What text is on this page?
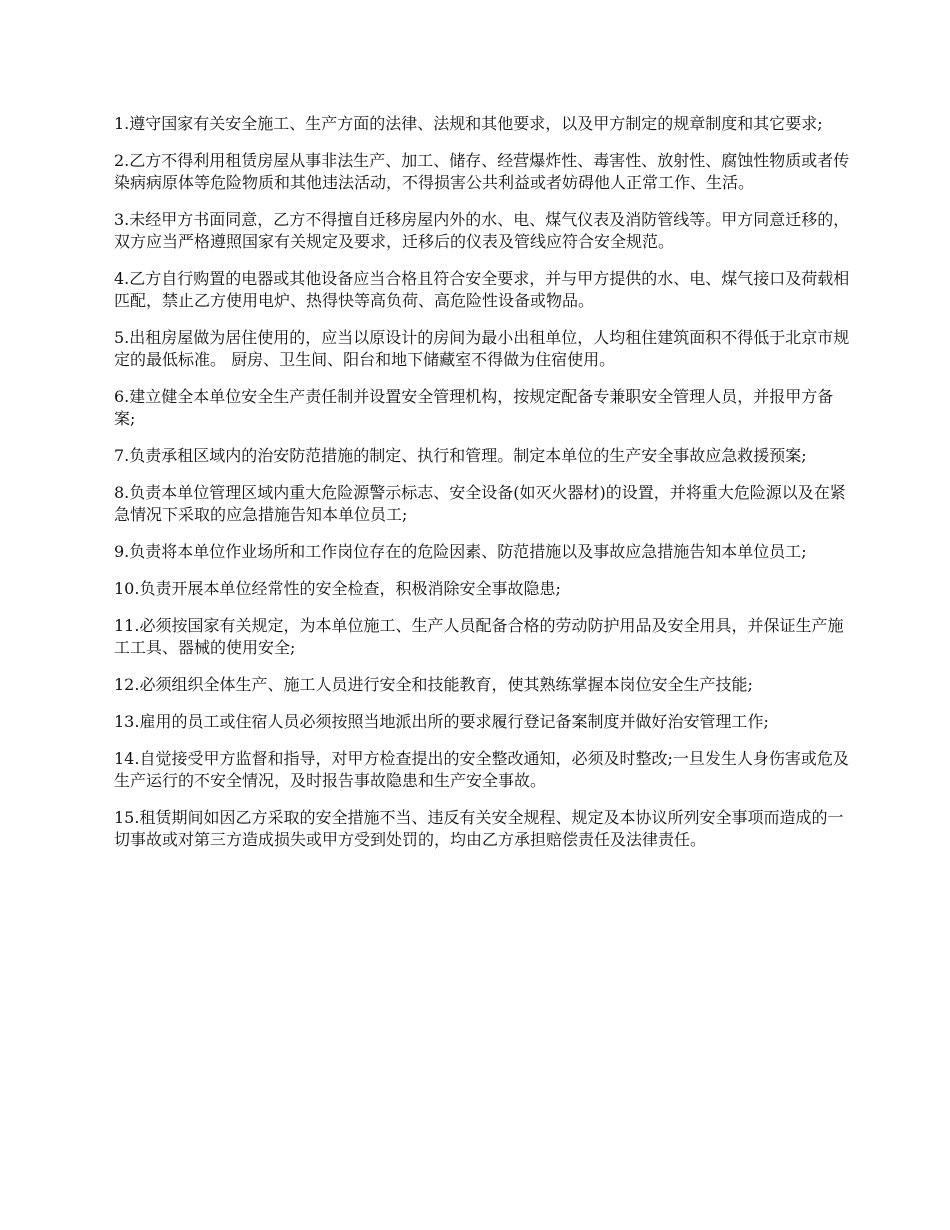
1.遵守国家有关安全施工、生产方面的法律、法规和其他要求，以及甲方制定的规章制度和其它要求;

2.乙方不得利用租赁房屋从事非法生产、加工、储存、经营爆炸性、毒害性、放射性、腐蚀性物质或者传染病病原体等危险物质和其他违法活动，不得损害公共利益或者妨碍他人正常工作、生活。

3.未经甲方书面同意，乙方不得擅自迁移房屋内外的水、电、煤气仪表及消防管线等。甲方同意迁移的，双方应当严格遵照国家有关规定及要求，迁移后的仪表及管线应符合安全规范。

4.乙方自行购置的电器或其他设备应当合格且符合安全要求，并与甲方提供的水、电、煤气接口及荷载相匹配，禁止乙方使用电炉、热得快等高负荷、高危险性设备或物品。

5.出租房屋做为居住使用的，应当以原设计的房间为最小出租单位，人均租住建筑面积不得低于北京市规定的最低标准。 厨房、卫生间、阳台和地下储藏室不得做为住宿使用。

6.建立健全本单位安全生产责任制并设置安全管理机构，按规定配备专兼职安全管理人员，并报甲方备案;

7.负责承租区域内的治安防范措施的制定、执行和管理。制定本单位的生产安全事故应急救援预案;

8.负责本单位管理区域内重大危险源警示标志、安全设备(如灭火器材)的设置，并将重大危险源以及在紧急情况下采取的应急措施告知本单位员工;

9.负责将本单位作业场所和工作岗位存在的危险因素、防范措施以及事故应急措施告知本单位员工;

10.负责开展本单位经常性的安全检查，积极消除安全事故隐患;

11.必须按国家有关规定，为本单位施工、生产人员配备合格的劳动防护用品及安全用具，并保证生产施工工具、器械的使用安全;

12.必须组织全体生产、施工人员进行安全和技能教育，使其熟练掌握本岗位安全生产技能;

13.雇用的员工或住宿人员必须按照当地派出所的要求履行登记备案制度并做好治安管理工作;

14.自觉接受甲方监督和指导，对甲方检查提出的安全整改通知，必须及时整改;一旦发生人身伤害或危及生产运行的不安全情况，及时报告事故隐患和生产安全事故。

15.租赁期间如因乙方采取的安全措施不当、违反有关安全规程、规定及本协议所列安全事项而造成的一切事故或对第三方造成损失或甲方受到处罚的，均由乙方承担赔偿责任及法律责任。
